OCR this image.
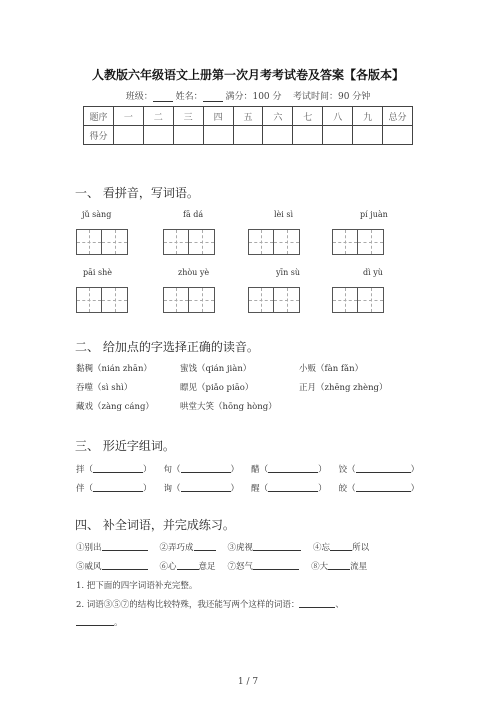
人教版六年级语文上册第一次月考考试卷及答案【各版本】
班级：	姓名：	满分：100 分 考试时间：90 分钟
题序	一	二	三	四	五	六	七	八	九	总分
得分										
一、 看拼音，写词语。
jǔ sàng	fā dá	lèi sì	pí juàn
pāi shè	zhòu yè	yīn sù	dì yù
二、 给加点的字选择正确的读音。
黏稠（nián zhān）	蜜饯（qián jiàn）	小贩（fàn fǎn）
吞噬（sì shì）	瞟见（piǎo piāo）	正月（zhēng zhèng）
藏戏（zàng cáng）	哄堂大笑（hōng hòng）
三、 形近字组词。
拌（	） 旬（	） 醋（	） 饺（	）
伴（	） 询（	） 醒（	） 皎（	）
四、 补全词语，并完成练习。
①别出	②弄巧成	③虎视	④忘	所以
⑤威风	⑥心	意足 ⑦怒气	⑧大	流星
1. 把下面的四字词语补充完整。
2. 词语③⑤⑦的结构比较特殊，我还能写两个这样的词语：	、
。
1 / 7
